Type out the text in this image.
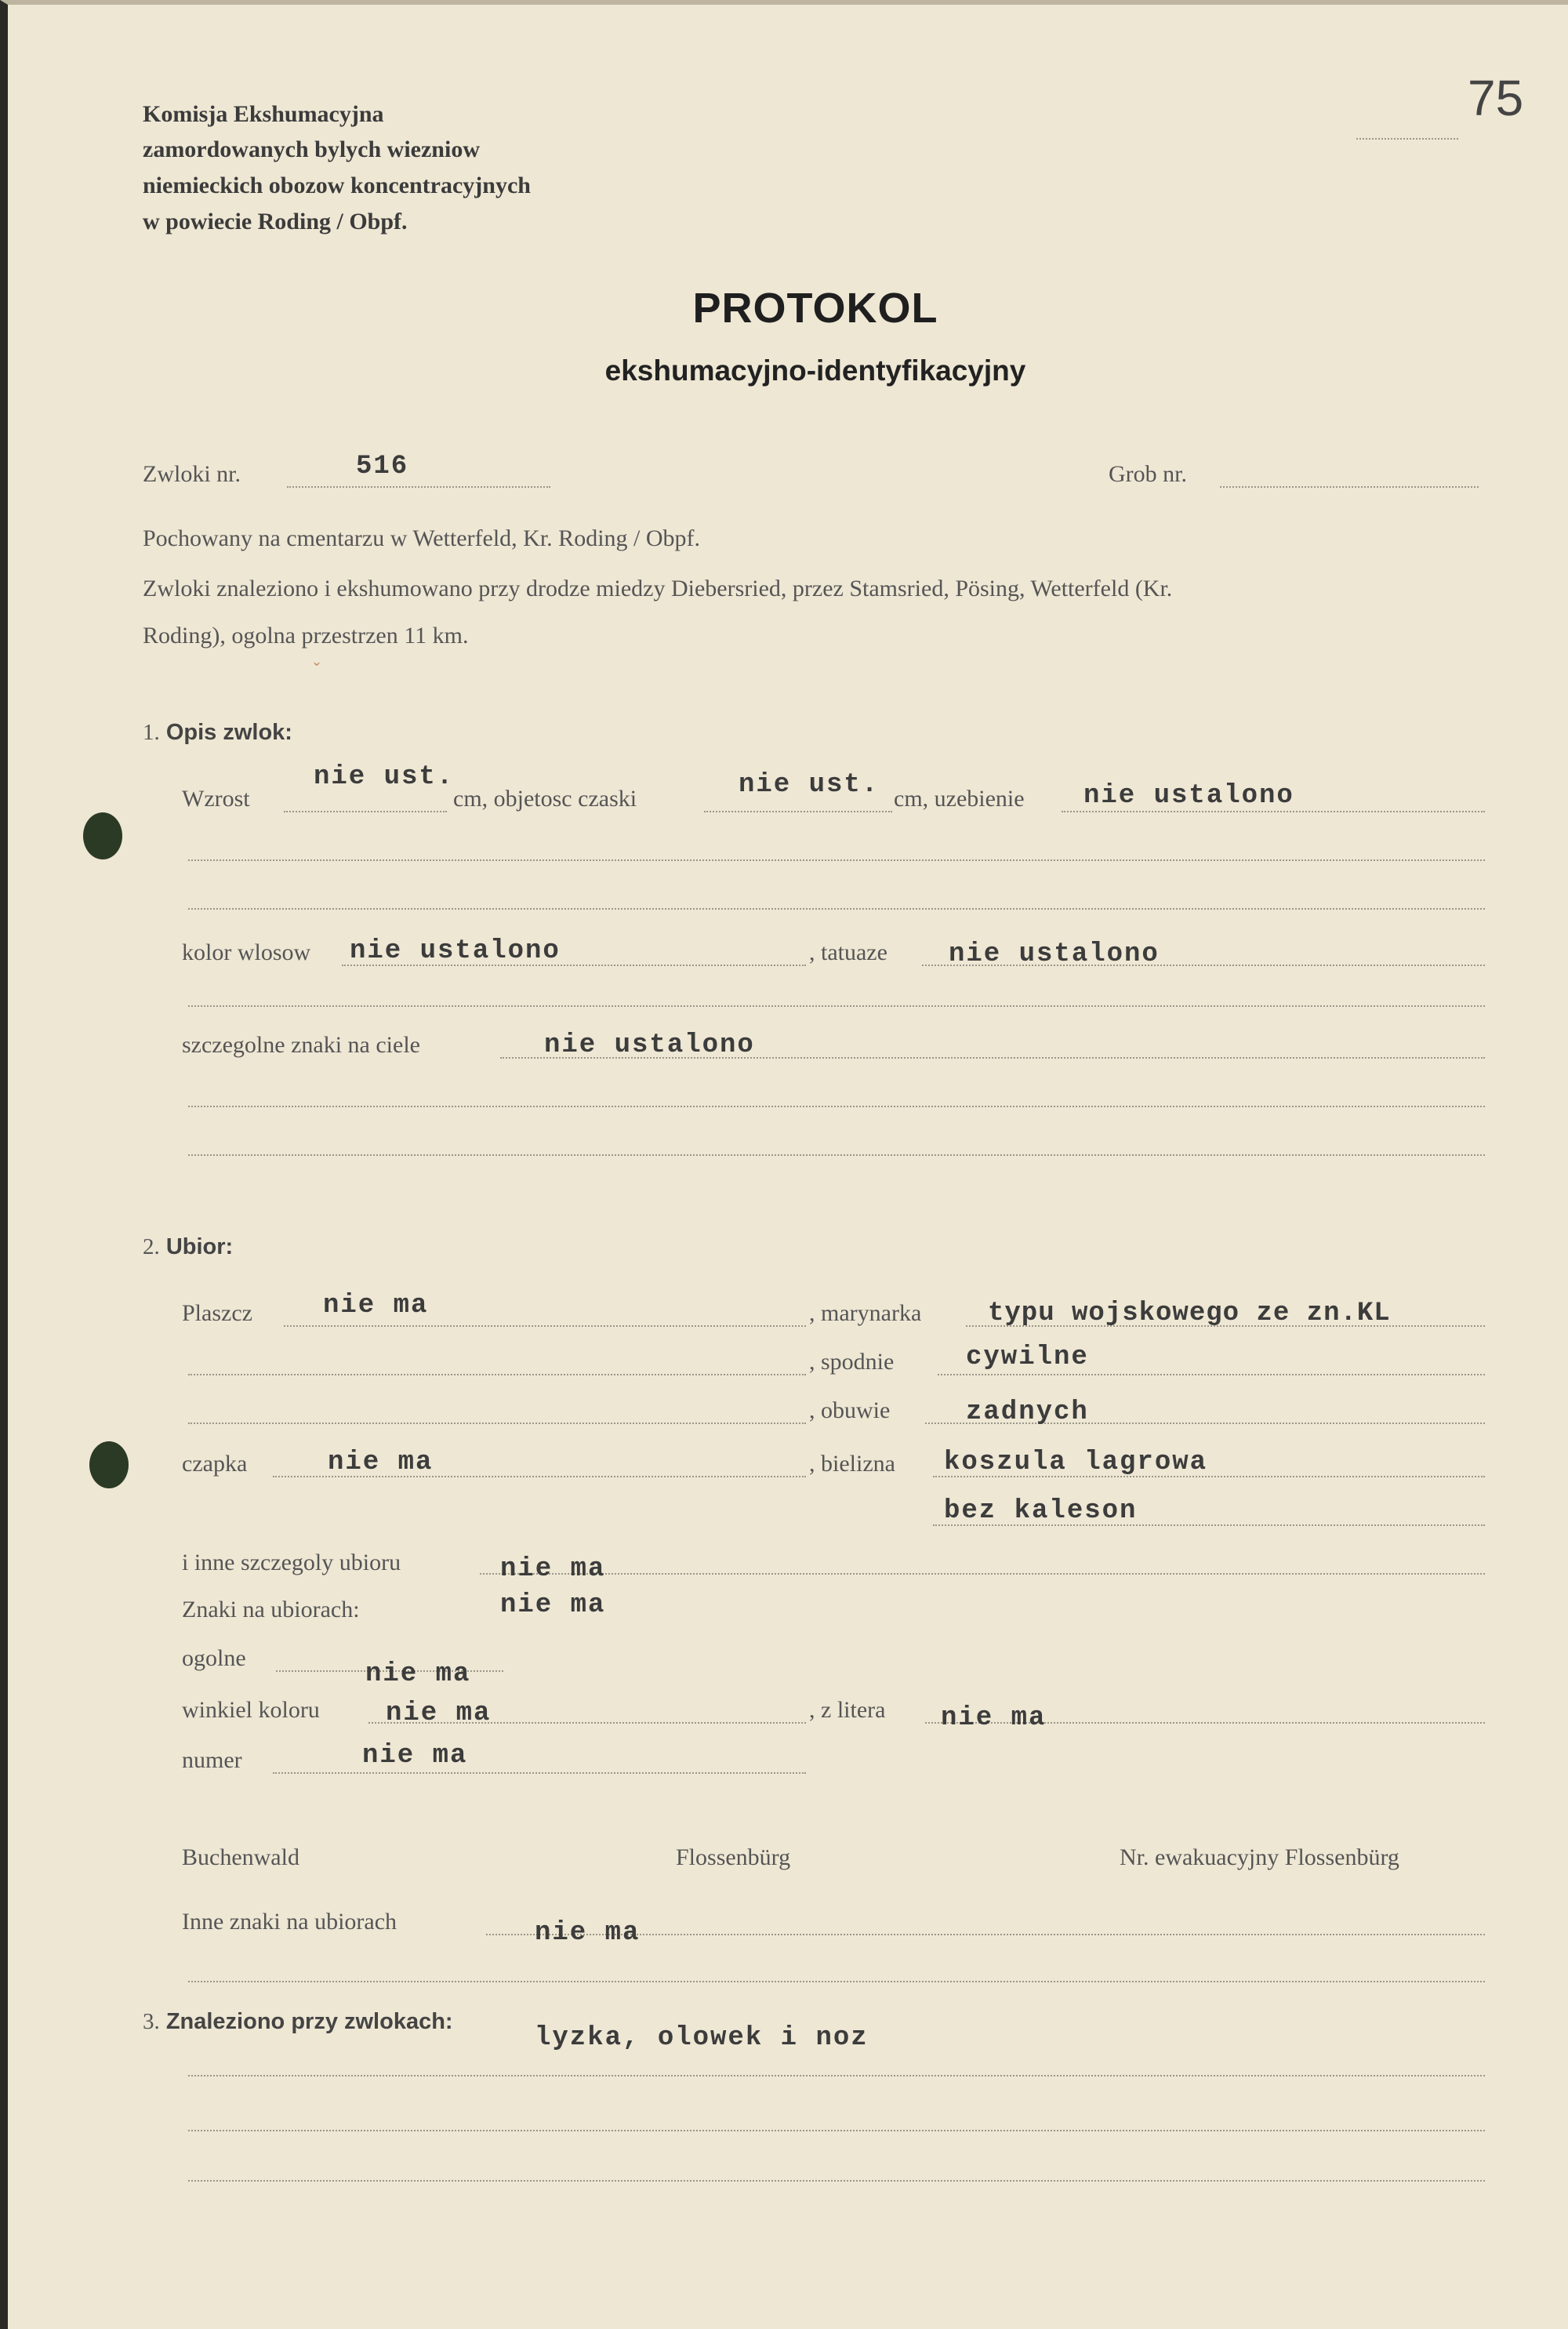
75
Komisja Ekshumacyjna
zamordowanych bylych wiezniow
niemieckich obozow koncentracyjnych
w powiecie Roding / Obpf.
PROTOKOL
ekshumacyjno-identyfikacyjny
Zwloki nr.	516	Grob nr.
Pochowany na cmentarzu w Wetterfeld, Kr. Roding / Obpf.
Zwloki znaleziono i ekshumowano przy drodze miedzy Diebersried, przez Stamsried, Pösing, Wetterfeld (Kr.
Roding), ogolna przestrzen 11 km.
ˇ
1. Opis zwlok:
Wzrost
nie ust.
cm, objetosc czaski	nie ust. cm, uzebienie nie ustalono
kolor wlosow nie ustalono	, tatuaze nie ustalono
szczegolne znaki na ciele	nie ustalono
2. Ubior:
Plaszcz	nie ma	, marynarka typu wojskowego ze zn.KL
, spodnie	cywilne
, obuwie	zadnych
czapka	nie ma	, bielizna koszula lagrowa
bez kaleson
i inne szczegoly ubioru	nie ma
Znaki na ubiorach:	nie ma
ogolne
nie ma
winkiel koloru nie ma	, z litera nie ma
numer	nie ma
Buchenwald	Flossenbürg	Nr. ewakuacyjny Flossenbürg
Inne znaki na ubiorach	nie ma
3. Znaleziono przy zwlokach:
lyzka, olowek i noz
